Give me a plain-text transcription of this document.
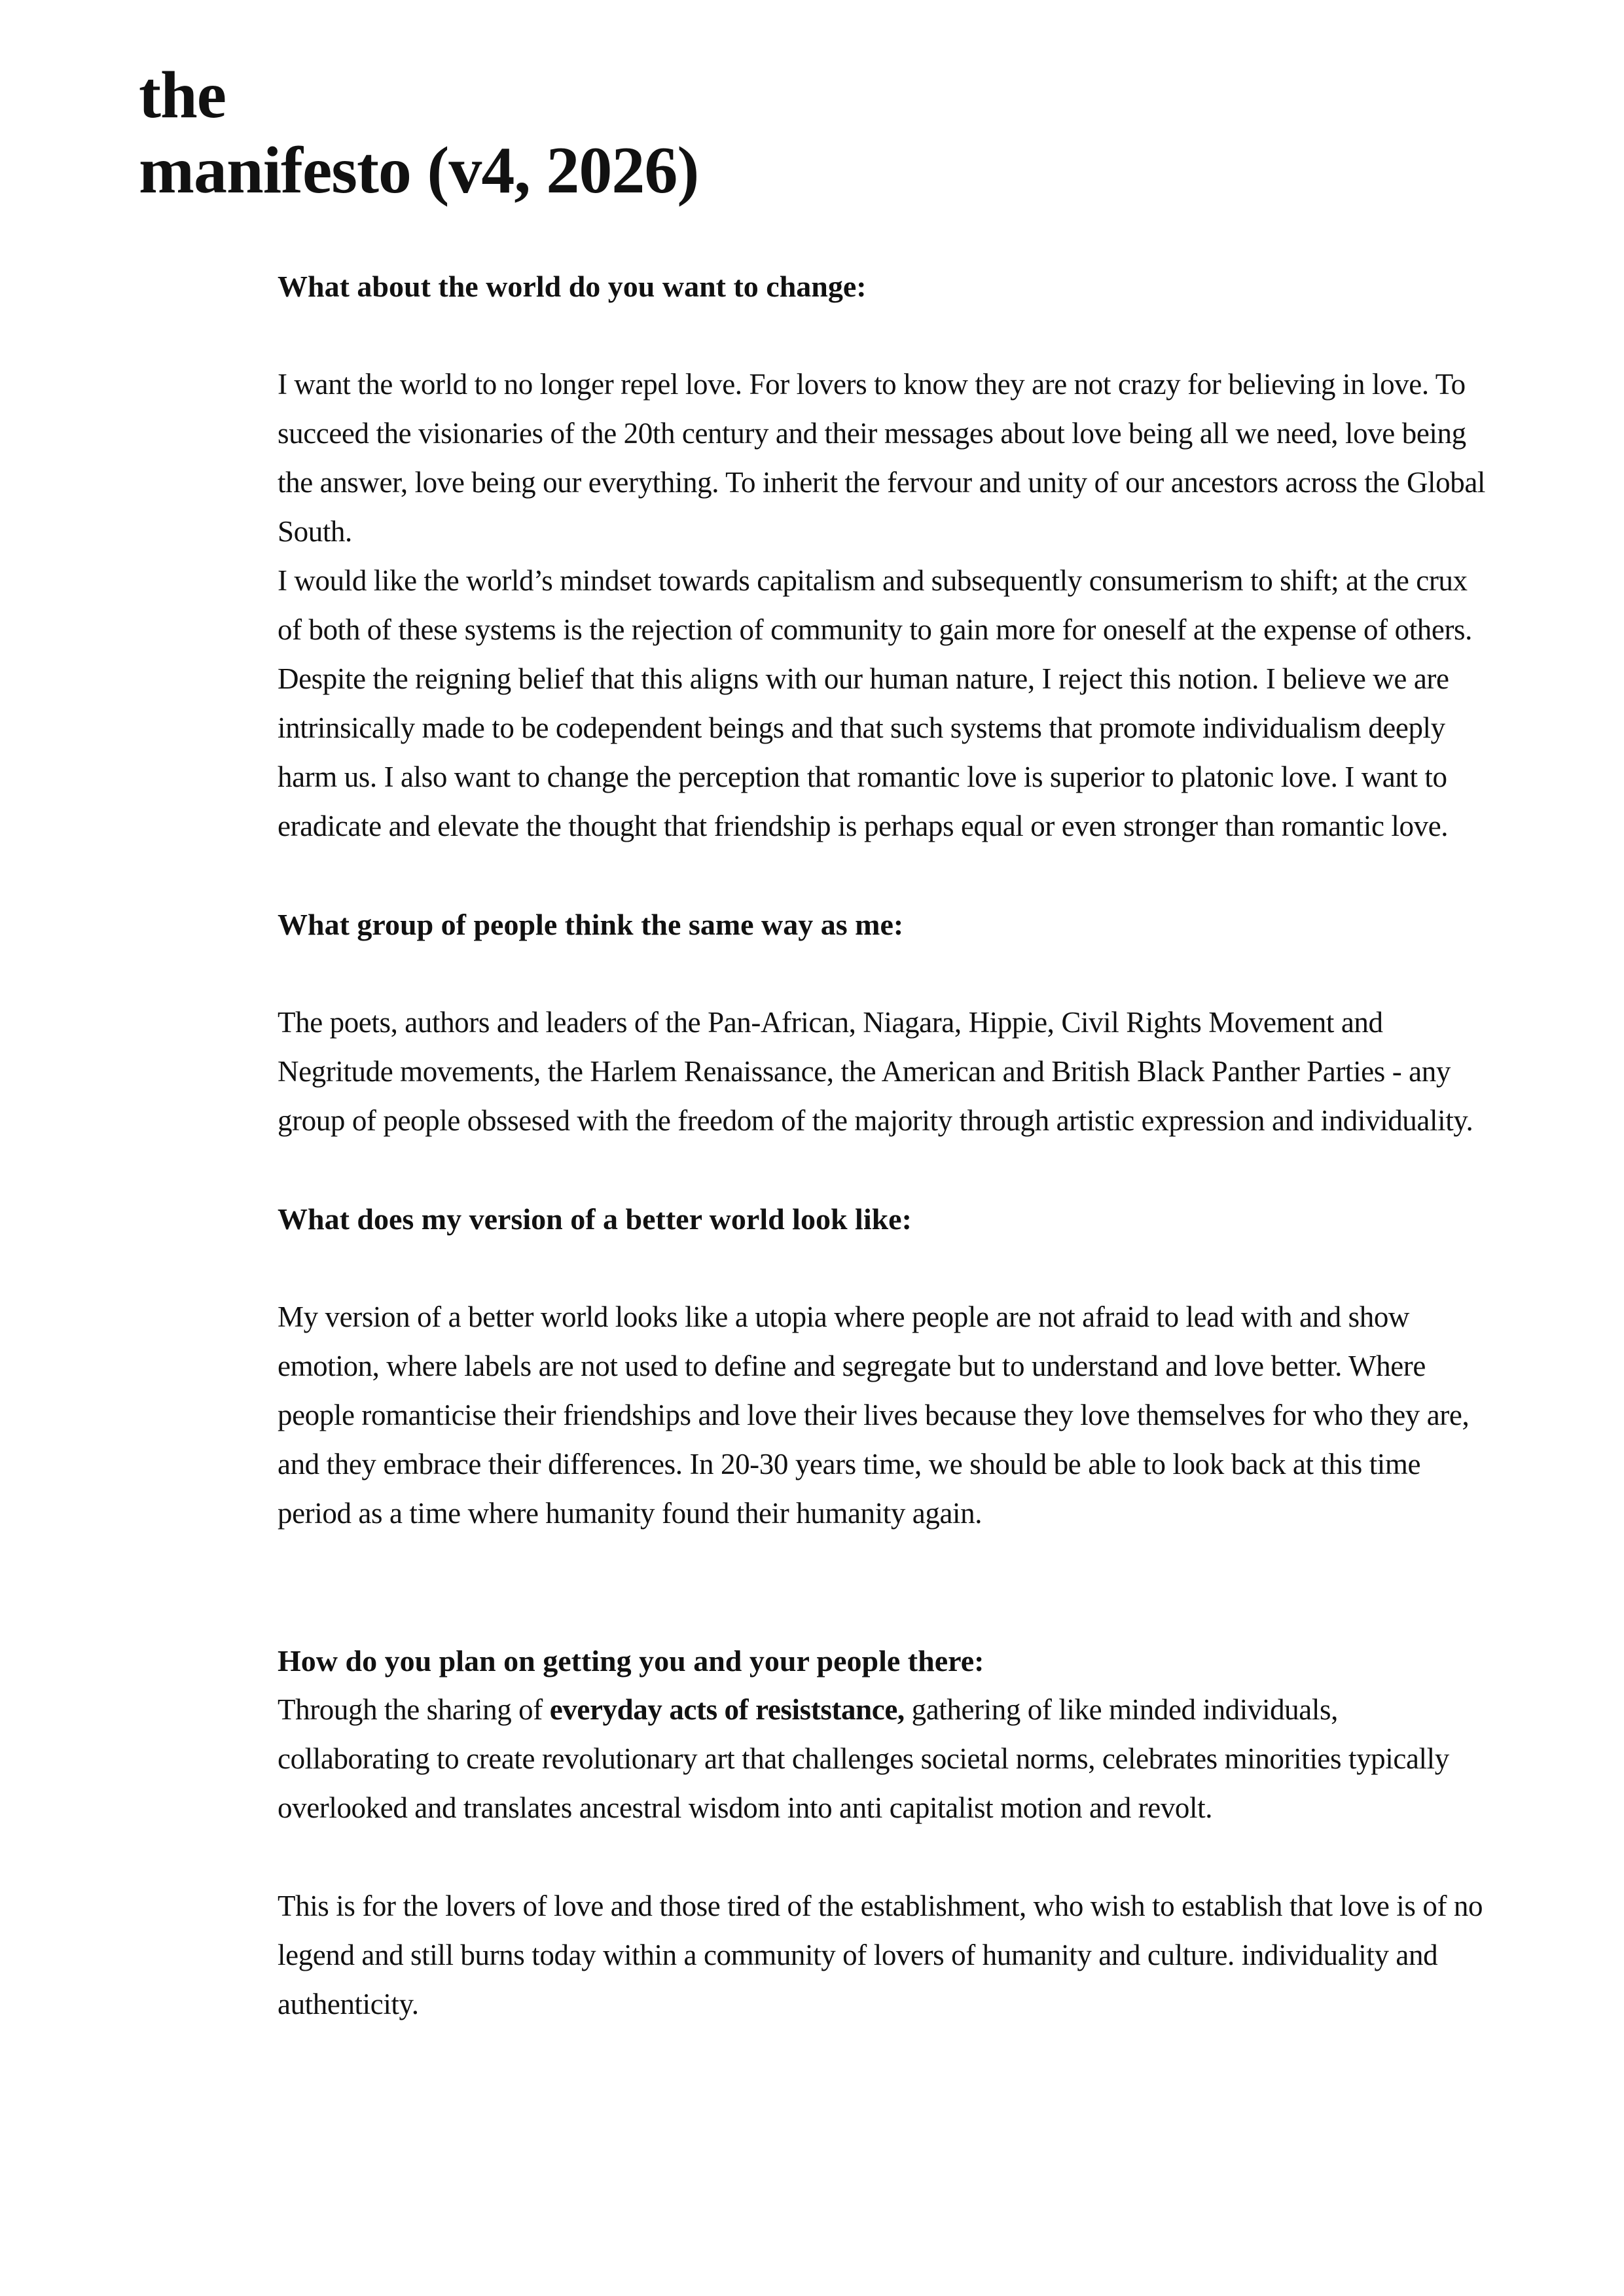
the
manifesto (v4, 2026)
What about the world do you want to change:

I want the world to no longer repel love. For lovers to know they are not crazy for believing in love. To succeed the visionaries of the 20th century and their messages about love being all we need, love being the answer, love being our everything. To inherit the fervour and unity of our ancestors across the Global South.

I would like the world’s mindset towards capitalism and subsequently consumerism to shift; at the crux of both of these systems is the rejection of community to gain more for oneself at the expense of others. Despite the reigning belief that this aligns with our human nature, I reject this notion. I believe we are intrinsically made to be codependent beings and that such systems that promote individualism deeply harm us. I also want to change the perception that romantic love is superior to platonic love. I want to eradicate and elevate the thought that friendship is perhaps equal or even stronger than romantic love.

What group of people think the same way as me:

The poets, authors and leaders of the Pan-African, Niagara, Hippie, Civil Rights Movement and Negritude movements, the Harlem Renaissance, the American and British Black Panther Parties - any group of people obssesed with the freedom of the majority through artistic expression and individuality.

What does my version of a better world look like:

My version of a better world looks like a utopia where people are not afraid to lead with and show emotion, where labels are not used to define and segregate but to understand and love better. Where people romanticise their friendships and love their lives because they love themselves for who they are, and they embrace their differences. In 20-30 years time, we should be able to look back at this time period as a time where humanity found their humanity again.

How do you plan on getting you and your people there:

Through the sharing of everyday acts of resiststance, gathering of like minded individuals, collaborating to create revolutionary art that challenges societal norms, celebrates minorities typically overlooked and translates ancestral wisdom into anti capitalist motion and revolt.

This is for the lovers of love and those tired of the establishment, who wish to establish that love is of no legend and still burns today within a community of lovers of humanity and culture. individuality and authenticity.
